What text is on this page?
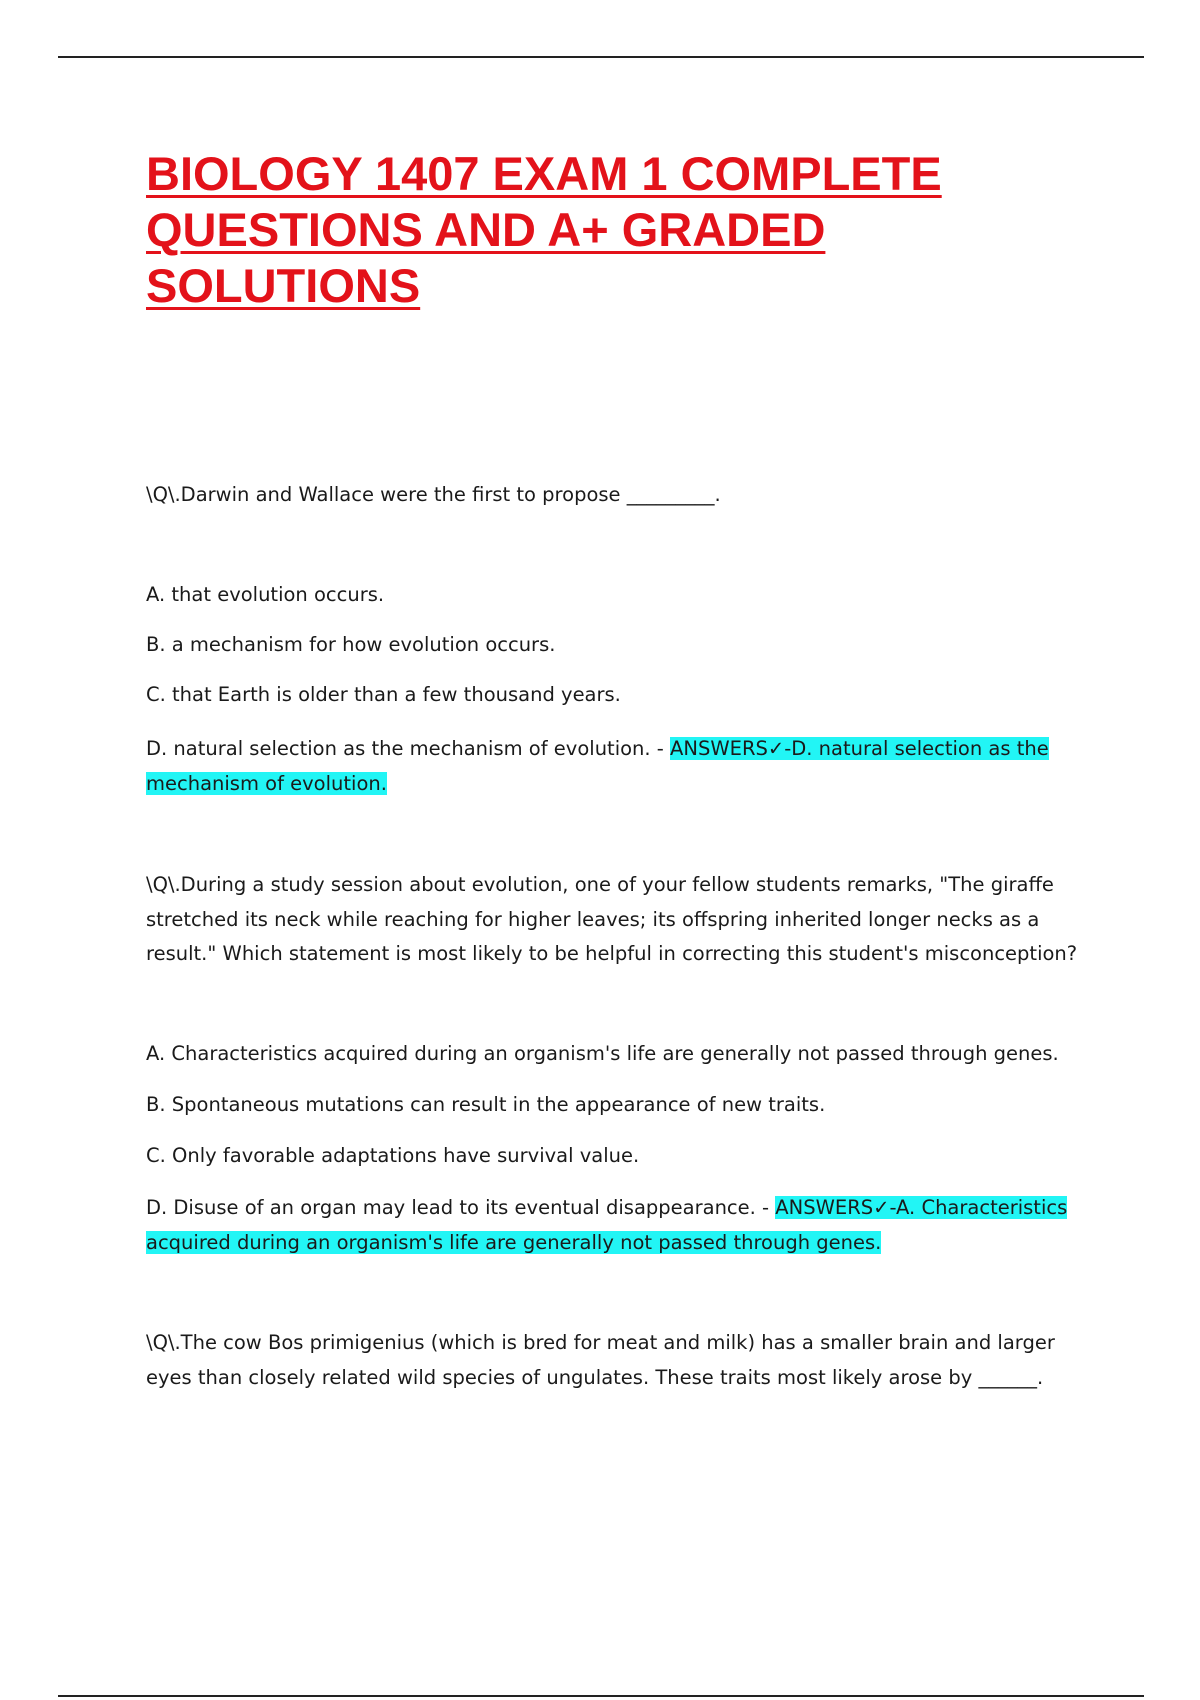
BIOLOGY 1407 EXAM 1 COMPLETE
QUESTIONS AND A+ GRADED
SOLUTIONS

\Q\.Darwin and Wallace were the first to propose _________.

A. that evolution occurs.

B. a mechanism for how evolution occurs.

C. that Earth is older than a few thousand years.

D. natural selection as the mechanism of evolution. - ANSWERS✓-D. natural selection as the mechanism of evolution.

\Q\.During a study session about evolution, one of your fellow students remarks, "The giraffe stretched its neck while reaching for higher leaves; its offspring inherited longer necks as a result." Which statement is most likely to be helpful in correcting this student's misconception?

A. Characteristics acquired during an organism's life are generally not passed through genes.

B. Spontaneous mutations can result in the appearance of new traits.

C. Only favorable adaptations have survival value.

D. Disuse of an organ may lead to its eventual disappearance. - ANSWERS✓-A. Characteristics acquired during an organism's life are generally not passed through genes.

\Q\.The cow Bos primigenius (which is bred for meat and milk) has a smaller brain and larger eyes than closely related wild species of ungulates. These traits most likely arose by ______.
